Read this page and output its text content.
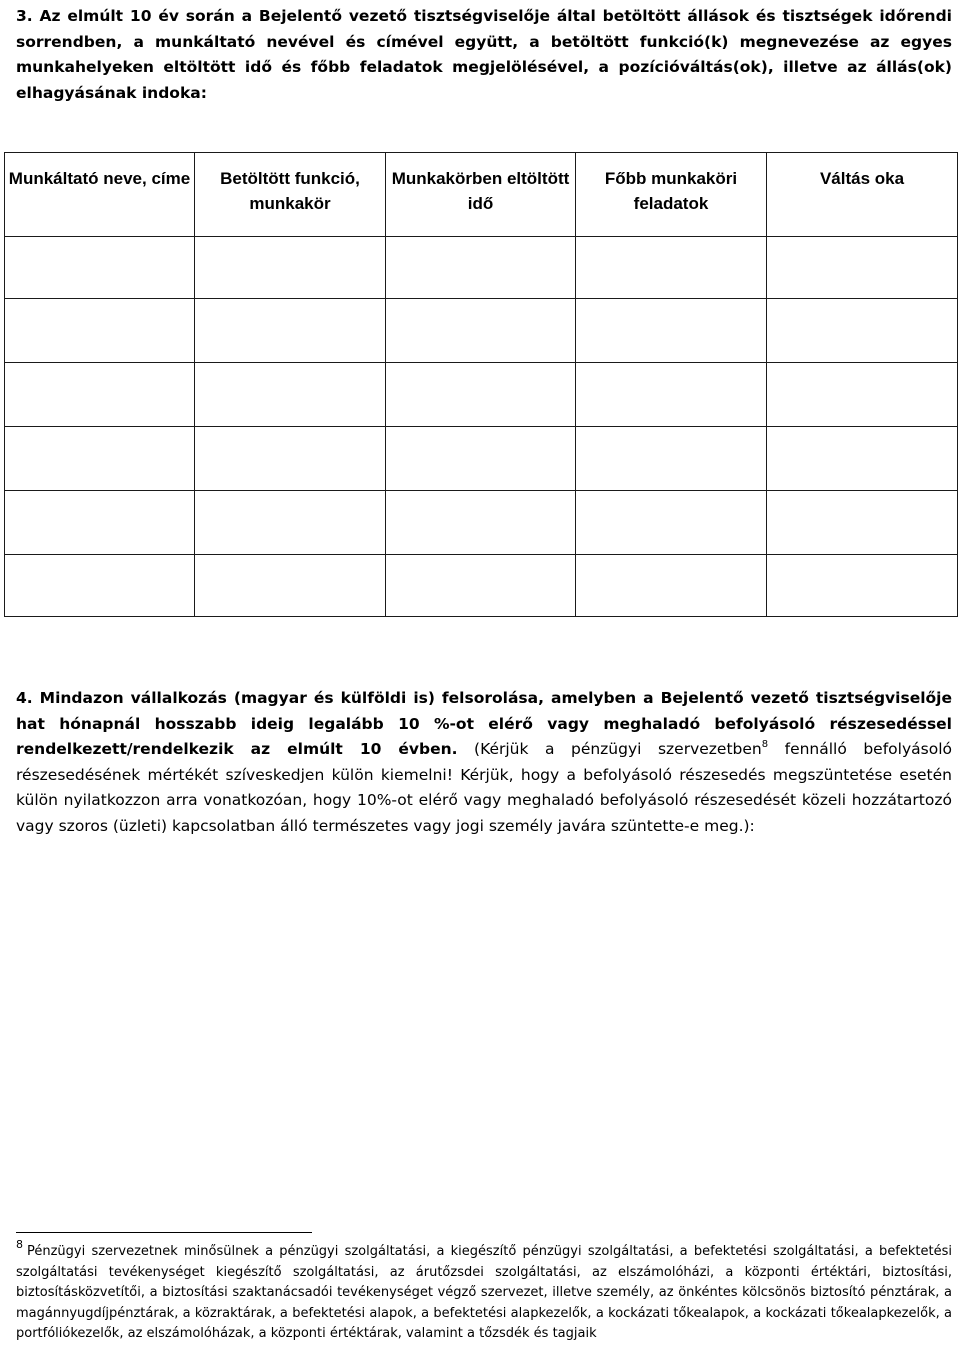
3. Az elmúlt 10 év során a Bejelentő vezető tisztségviselője által betöltött állások és tisztségek időrendi sorrendben, a munkáltató nevével és címével együtt, a betöltött funkció(k) megnevezése az egyes munkahelyeken eltöltött idő és főbb feladatok megjelölésével, a pozícióváltás(ok), illetve az állás(ok) elhagyásának indoka:
Munkáltató neve, címe	Betöltött funkció, munkakör	Munkakörben eltöltött idő	Főbb munkaköri feladatok	Váltás oka

4. Mindazon vállalkozás (magyar és külföldi is) felsorolása, amelyben a Bejelentő vezető tisztségviselője hat hónapnál hosszabb ideig legalább 10 %-ot elérő vagy meghaladó befolyásoló részesedéssel rendelkezett/rendelkezik az elmúlt 10 évben. (Kérjük a pénzügyi szervezetben$^8$ fennálló befolyásoló részesedésének mértékét szíveskedjen külön kiemelni! Kérjük, hogy a befolyásoló részesedés megszüntetése esetén külön nyilatkozzon arra vonatkozóan, hogy 10%-ot elérő vagy meghaladó befolyásoló részesedését közeli hozzátartozó vagy szoros (üzleti) kapcsolatban álló természetes vagy jogi személy javára szüntette-e meg.):
$^8$ Pénzügyi szervezetnek minősülnek a pénzügyi szolgáltatási, a kiegészítő pénzügyi szolgáltatási, a befektetési szolgáltatási, a befektetési szolgáltatási tevékenységet kiegészítő szolgáltatási, az árutőzsdei szolgáltatási, az elszámolóházi, a központi értéktári, biztosítási, biztosításközvetítői, a biztosítási szaktanácsadói tevékenységet végző szervezet, illetve személy, az önkéntes kölcsönös biztosító pénztárak, a magánnyugdíjpénztárak, a közraktárak, a befektetési alapok, a befektetési alapkezelők, a kockázati tőkealapok, a kockázati tőkealapkezelők, a portfóliókezelők, az elszámolóházak, a központi értéktárak, valamint a tőzsdék és tagjaik
